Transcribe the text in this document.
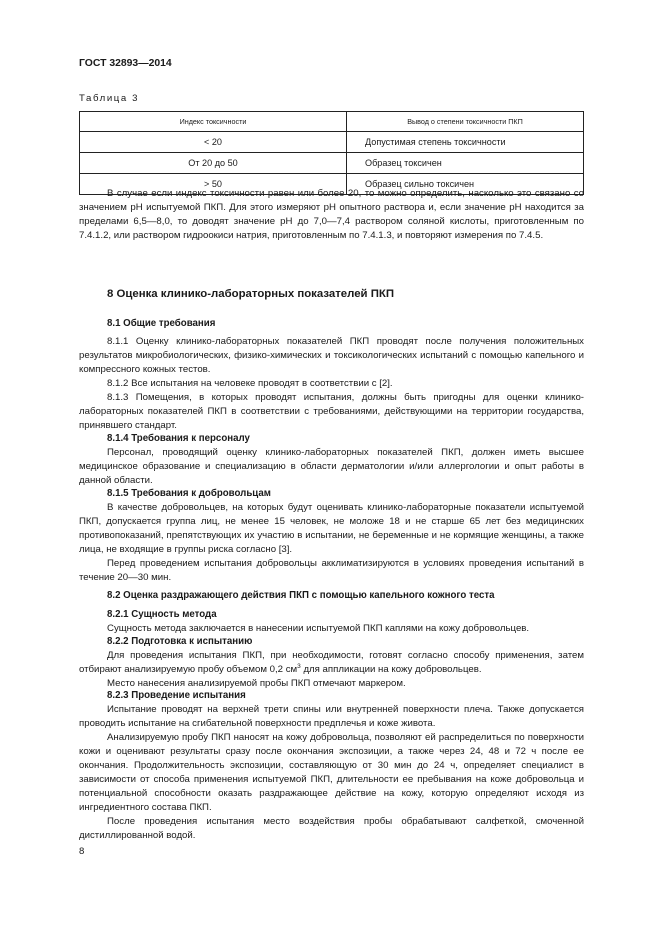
ГОСТ 32893—2014
Таблица 3
Индекс токсичности	Вывод о степени токсичности ПКП
< 20	Допустимая степень токсичности
От 20 до 50	Образец токсичен
> 50	Образец сильно токсичен

В случае если индекс токсичности равен или более 20, то можно определить, насколько это связано со значением рН испытуемой ПКП. Для этого измеряют рН опытного раствора и, если значение рН находится за пределами 6,5—8,0, то доводят значение рН до 7,0—7,4 раствором соляной кислоты, приготовленным по 7.4.1.2, или раствором гидроокиси натрия, приготовленным по 7.4.1.3, и повторяют измерения по 7.4.5.

8 Оценка клинико-лабораторных показателей ПКП
8.1 Общие требования

8.1.1 Оценку клинико-лабораторных показателей ПКП проводят после получения положительных результатов микробиологических, физико-химических и токсикологических испытаний с помощью капельного и компрессного кожных тестов.

8.1.2 Все испытания на человеке проводят в соответствии с [2].

8.1.3 Помещения, в которых проводят испытания, должны быть пригодны для оценки клинико-лабораторных показателей ПКП в соответствии с требованиями, действующими на территории государства, принявшего стандарт.

8.1.4 Требования к персоналу

Персонал, проводящий оценку клинико-лабораторных показателей ПКП, должен иметь высшее медицинское образование и специализацию в области дерматологии и/или аллергологии и опыт работы в данной области.

8.1.5 Требования к добровольцам

В качестве добровольцев, на которых будут оценивать клинико-лабораторные показатели испытуемой ПКП, допускается группа лиц, не менее 15 человек, не моложе 18 и не старше 65 лет без медицинских противопоказаний, препятствующих их участию в испытании, не беременные и не кормящие женщины, а также лица, не входящие в группы риска согласно [3].

Перед проведением испытания добровольцы акклиматизируются в условиях проведения испытаний в течение 20—30 мин.

8.2 Оценка раздражающего действия ПКП с помощью капельного кожного теста
8.2.1 Сущность метода

Сущность метода заключается в нанесении испытуемой ПКП каплями на кожу добровольцев.

8.2.2 Подготовка к испытанию

Для проведения испытания ПКП, при необходимости, готовят согласно способу применения, затем отбирают анализируемую пробу объемом 0,2 $см^3$ для аппликации на кожу добровольцев.

Место нанесения анализируемой пробы ПКП отмечают маркером.

8.2.3 Проведение испытания

Испытание проводят на верхней трети спины или внутренней поверхности плеча. Также допускается проводить испытание на сгибательной поверхности предплечья и коже живота.

Анализируемую пробу ПКП наносят на кожу добровольца, позволяют ей распределиться по поверхности кожи и оценивают результаты сразу после окончания экспозиции, а также через 24, 48 и 72 ч после ее окончания. Продолжительность экспозиции, составляющую от 30 мин до 24 ч, определяет специалист в зависимости от способа применения испытуемой ПКП, длительности ее пребывания на коже добровольца и потенциальной способности оказать раздражающее действие на кожу, которую определяют исходя из ингредиентного состава ПКП.

После проведения испытания место воздействия пробы обрабатывают салфеткой, смоченной дистиллированной водой.

8
